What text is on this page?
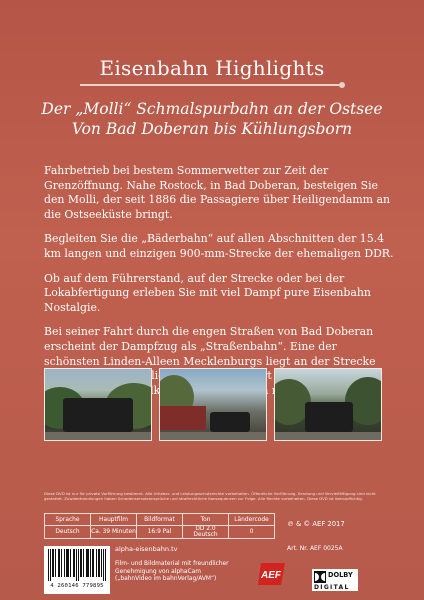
Eisenbahn Highlights
Der „Molli“ Schmalspurbahn an der Ostsee
Von Bad Doberan bis Kühlungsborn

Fahrbetrieb bei bestem Sommerwetter zur Zeit der Grenzöffnung. Nahe Rostock, in Bad Doberan, besteigen Sie den Molli, der seit 1886 die Passagiere über Heiligendamm an die Ostseeküste bringt.

Begleiten Sie die „Bäderbahn“ auf allen Abschnitten der 15.4 km langen und einzigen 900-mm-Strecke der ehemaligen DDR.

Ob auf dem Führerstand, auf der Strecke oder bei der Lokabfertigung erleben Sie mit viel Dampf pure Eisenbahn Nostalgie.

Bei seiner Fahrt durch die engen Straßen von Bad Doberan erscheint der Dampfzug als „Straßenbahn“. Eine der schönsten Linden-Alleen Mecklenburgs liegt an der Strecke Steilküste

Diese DVD ist nur für private Vorführung bestimmt. Alle Urheber- und Leistungsschutzrechte vorbehalten. Öffentliche Vorführung, Sendung und Vervielfältigung sind nicht gestattet. Zuwiderhandlungen haben Schadensersatzansprüche und strafrechtliche Konsequenzen zur Folge. Alle Rechte vorbehalten. Diese DVD ist lizenzpflichtig.
Sprache	Hauptfilm	Bildformat	Ton	Ländercode
Deutsch	Ca. 39 Minuten	16:9 Pal	DD 2.0 Deutsch	0
℗ & © AEF 2017
Art. Nr. AEF 0025A
4 260146 779895
alpha-eisenbahn.tv
Film- und Bildmaterial mit freundlicher Genehmigung von alphaCam („bahnVideo im bahnVerlag/AVM“)	AEF	DOLBY
DIGITAL
